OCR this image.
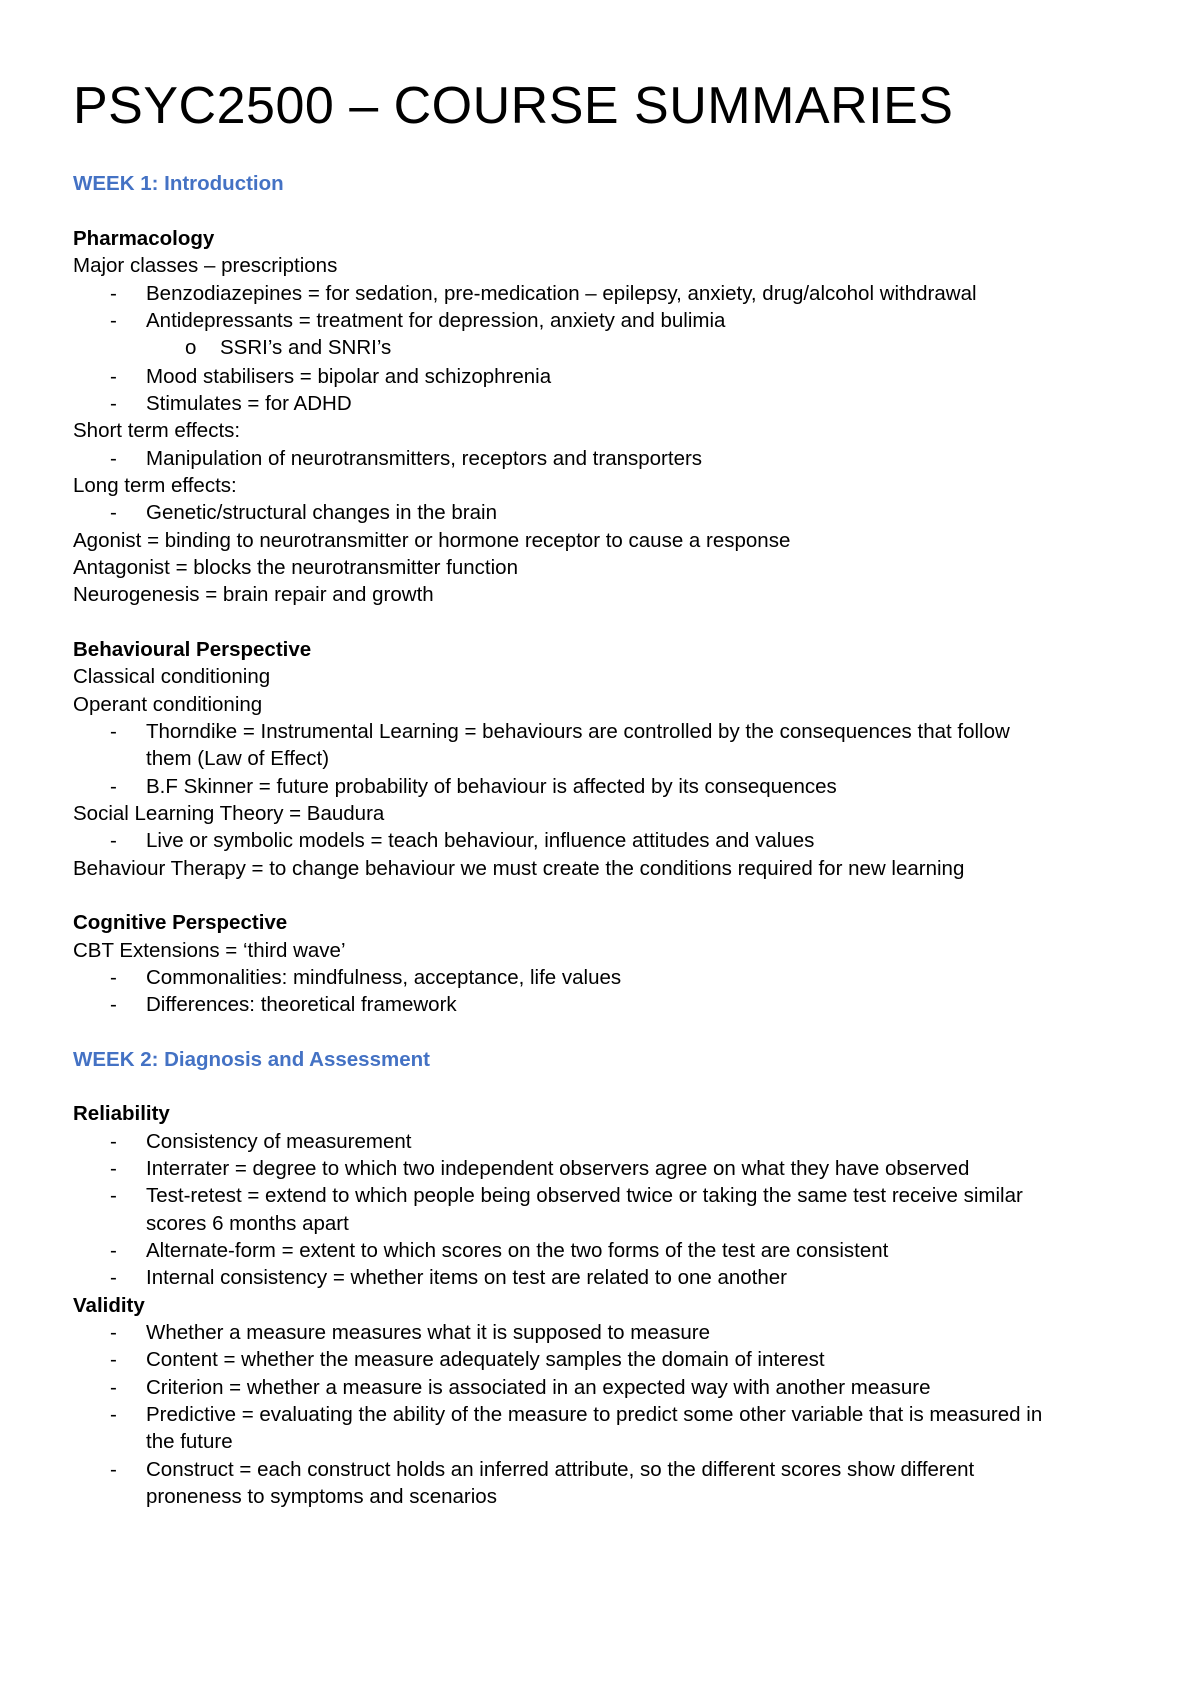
PSYC2500 – COURSE SUMMARIES
WEEK 1: Introduction
Pharmacology
Major classes – prescriptions
- Benzodiazepines = for sedation, pre-medication – epilepsy, anxiety, drug/alcohol withdrawal
- Antidepressants = treatment for depression, anxiety and bulimia
o SSRI’s and SNRI’s
- Mood stabilisers = bipolar and schizophrenia
- Stimulates = for ADHD
Short term effects:
- Manipulation of neurotransmitters, receptors and transporters
Long term effects:
- Genetic/structural changes in the brain
Agonist = binding to neurotransmitter or hormone receptor to cause a response
Antagonist = blocks the neurotransmitter function
Neurogenesis = brain repair and growth
Behavioural Perspective
Classical conditioning
Operant conditioning
- Thorndike = Instrumental Learning = behaviours are controlled by the consequences that follow
them (Law of Effect)
- B.F Skinner = future probability of behaviour is affected by its consequences
Social Learning Theory = Baudura
- Live or symbolic models = teach behaviour, influence attitudes and values
Behaviour Therapy = to change behaviour we must create the conditions required for new learning
Cognitive Perspective
CBT Extensions = ‘third wave’
- Commonalities: mindfulness, acceptance, life values
- Differences: theoretical framework
WEEK 2: Diagnosis and Assessment
Reliability
- Consistency of measurement
- Interrater = degree to which two independent observers agree on what they have observed
- Test-retest = extend to which people being observed twice or taking the same test receive similar
scores 6 months apart
- Alternate-form = extent to which scores on the two forms of the test are consistent
- Internal consistency = whether items on test are related to one another
Validity
- Whether a measure measures what it is supposed to measure
- Content = whether the measure adequately samples the domain of interest
- Criterion = whether a measure is associated in an expected way with another measure
- Predictive = evaluating the ability of the measure to predict some other variable that is measured in
the future
- Construct = each construct holds an inferred attribute, so the different scores show different
proneness to symptoms and scenarios
